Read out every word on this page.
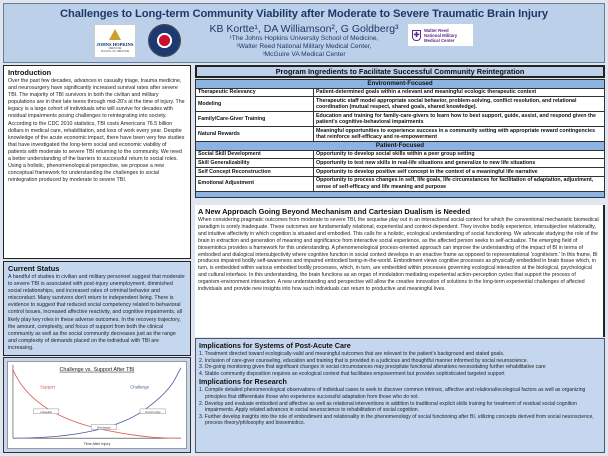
Challenges to Long-term Community Viability after Moderate to Severe Traumatic Brain Injury
JOHNS HOPKINS
MEDICINE
SCHOOL OF MEDICINE
KB Kortte¹, DA Williamson², G Goldberg³
¹The Johns Hopkins University School of Medicine,
²Walter Reed National Military Medical Center,
³McGuire VA Medical Center
✚
Walter Reed
National Military
Medical Center
Introduction

Over the past few decades, advances in casualty triage, trauma medicine, and neurosurgery have significantly increased survival rates after severe TBI. The majority of TBI survivors in both the civilian and military populations are in their late teens through mid-20's at the time of injury. The legacy is a large cohort of individuals who will survive for decades with residual impairments posing challenges to reintegrating into society. According to the CDC 2010 statistics, TBI costs Americans 76.5 billion dollars in medical care, rehabilitation, and loss of work every year. Despite knowledge of the acute economic impact, there have been very few studies that have investigated the long-term social and economic viability of patients with moderate to severe TBI returning to the community. We need a better understanding of the barriers to successful return to social roles. Using a holistic, phenomenological perspective, we propose a new conceptual framework for understanding the challenges to social reintegration produced by moderate to severe TBI.

Current Status

A handful of studies in civilian and military personnel suggest that moderate to severe TBI is associated with post-injury unemployment, diminished social relationships, and increased rates of criminal behavior and misconduct. Many survivors don't return to independent living. There is evidence to suggest that reduced social competency related to behavioral control issues, increased affective reactivity, and cognitive impairments, all likely play key roles in these adverse outcomes. In the recovery trajectory, the amount, complexity, and focus of support from both the clinical community as well as the social community decreases just as the range and complexity of demands placed on the individual with TBI are increasing.

Challenge vs. Support After TBI
Support	Challenge
Hospital
Discharge
Community
Time After Injury
Program Ingredients to Facilitate Successful Community Reintegration
Environment-Focused	
Therapeutic Relevancy	Patient-determined goals within a relevant and meaningful ecologic therapeutic context
Modeling	Therapeutic staff model appropriate social behavior, problem-solving, conflict resolution, and relational coordination (mutual respect, shared goals, shared knowledge).
Family/Care-Giver Training	Education and training for family-care-givers to learn how to best support, guide, assist, and respond given the patient's cognitive-behavioral impairments
Natural Rewards	Meaningful opportunities to experience success in a community setting with appropriate reward contingencies that reinforce self-efficacy and re-empowerment
Patient-Focused	
Social Skill Development	Opportunity to develop social skills within a peer group setting
Skill Generalizability	Opportunity to test new skills in real-life situations and generalize to new life situations
Self Concept Reconstruction	Opportunity to develop positive self concept in the context of a meaningful life narrative
Emotional Adjustment	Opportunity to process changes in self, life goals, life circumstances for facilitation of adaptation, adjustment, sense of self-efficacy and life meaning and purpose
A New Approach Going Beyond Mechanism and Cartesian Dualism is Needed

When considering pragmatic outcomes from moderate to severe TBI, the sequelae play out in an interactional social context for which the conventional mechanistic biomedical paradigm is sorely inadequate. These outcomes are fundamentally relational, experiential and context-dependent. They involve bodily experience, intersubjective relationality, and intuitive affectivity in which cognition is situated and embodied. This calls for a holistic, ecological understanding of social functioning. We advocate studying the role of the brain in extraction and generation of meaning and significance from interactive social experience, as the affected person seeks to self-actualize. The emerging field of biosemiotics provides a framework for this understanding. A phenomenological process-oriented approach can improve the understanding of the impact of BI in terms of embodied and dialogical intersubjectivity where cognitive function in social context develops in an enactive frame as opposed to representational 'cognitivism.' In this frame, BI produces impaired bodily self-awareness and impaired embodied being-in-the-world. Embodiment views cognitive processes as physically embedded in brain tissue which, in turn, is embedded within various embodied bodily processes, which, in turn, are embedded within processes governing ecological interaction at the biological, psychological and cultural interface. In this understanding, the brain functions as an organ of modulation mediating experiential action-perception cycles that support the process of organism-environment interaction. A new understanding and perspective will allow the creative innovation of solutions to the long-term experiential challenges of affected individuals and provide new insights into how such individuals can return to productive and meaningful lives.

Implications for Systems of Post-Acute Care
1. Treatment directed toward ecologically-valid and meaningful outcomes that are relevant to the patient's background and stated goals.
2. Inclusion of care-giver counseling, education and training that is provided in a judicious and thoughtful manner informed by social neuroscience.
3. On-going monitoring given that significant changes in social circumstances may precipitate functional alterations necessitating further rehabilitative care
4. Stable community disposition requires an ecological context that facilitates empowerment but provides sophisticated targeted support
Implications for Research
1. Compile detailed phenomenological observations of individual cases to seek to discover common intrinsic, affective and relational/ecological factors as well as organizing principles that differentiate those who experience successful adaptation from those who do not.
2. Develop and evaluate embodied and affective as well as relational interventions in addition to traditional explicit skills training for treatment of residual social cognition impairments. Apply related advances in social neuroscience to rehabilitation of social cognition.
3. Further develop insights into the role of embodiment and relationality in the phenomenology of social functioning after BI, utilizing concepts derived from social neuroscience, process theory/philosophy and biosemiotics.
